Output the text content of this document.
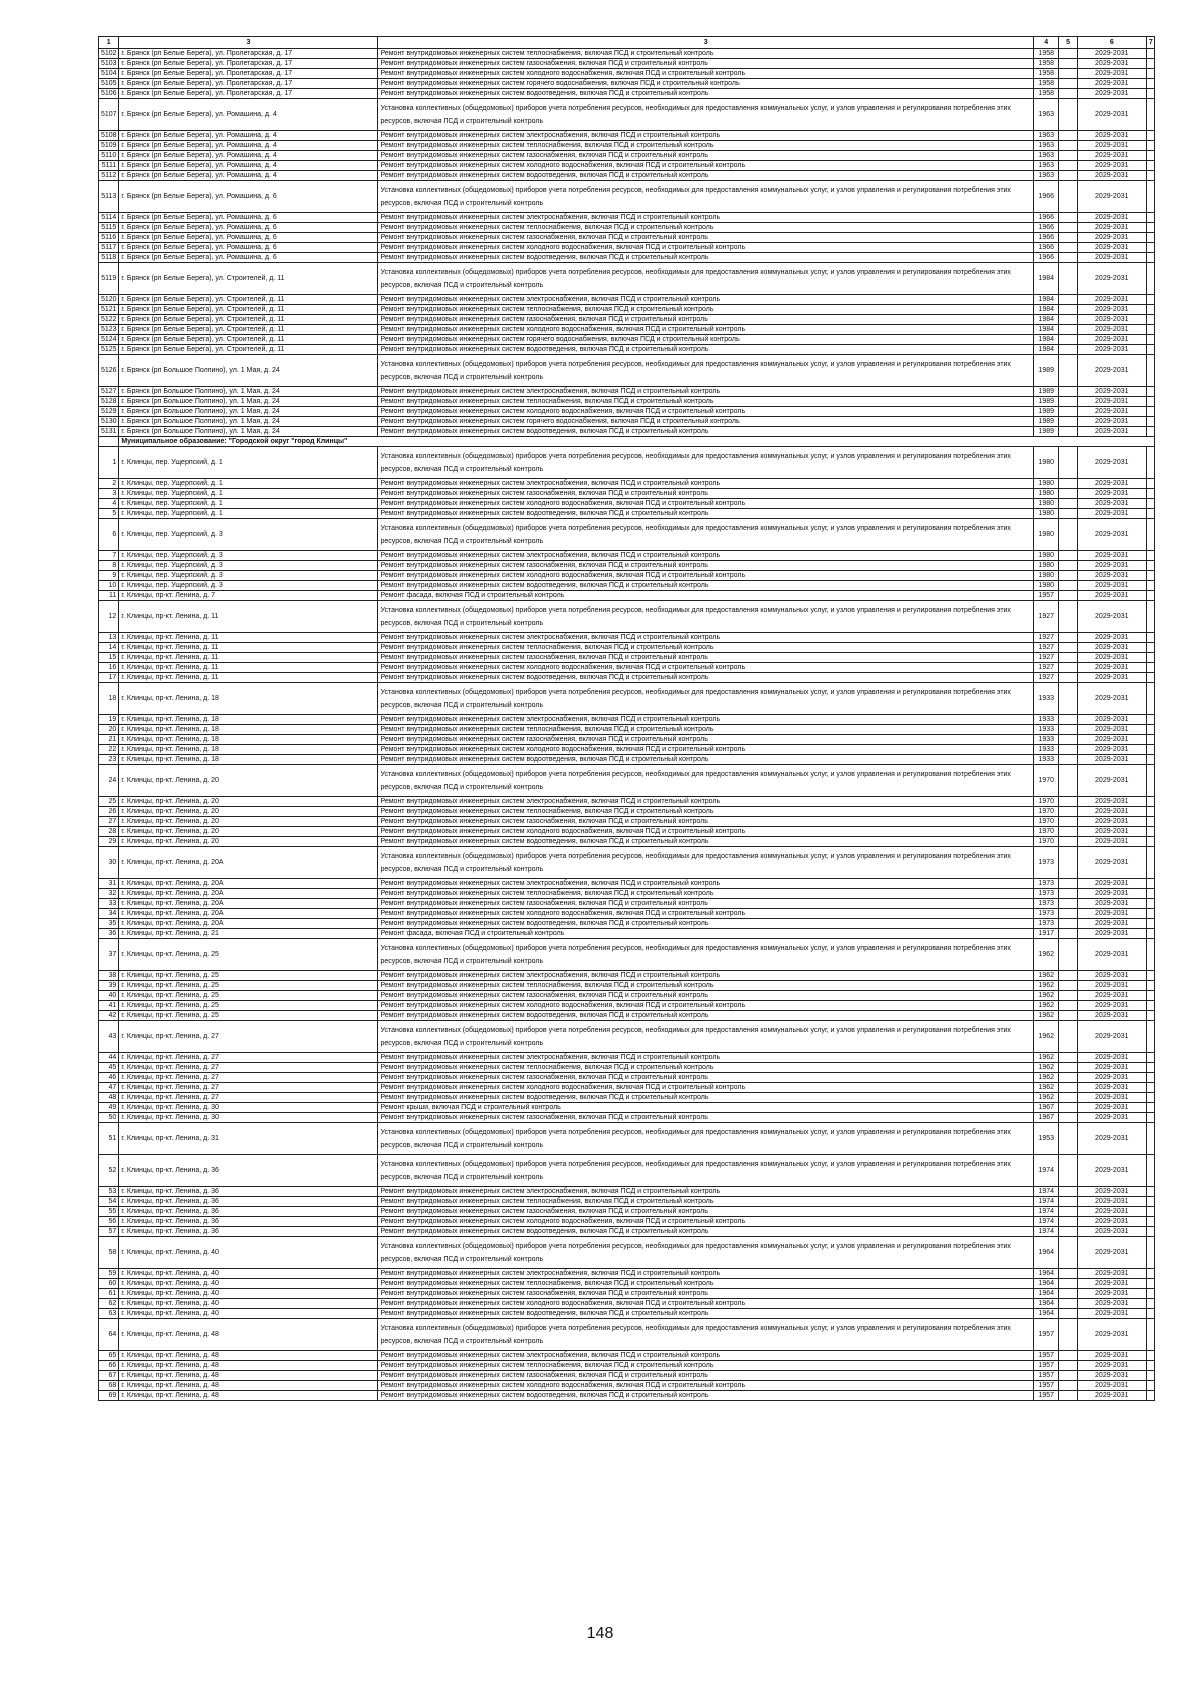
1	3	3	4	5	6	7
5102	г. Брянск (рп Белые Берега), ул. Пролетарская, д. 17	Ремонт внутридомовых инженерных систем теплоснабжения, включая ПСД и строительный контроль	1958		2029-2031	
5103	г. Брянск (рп Белые Берега), ул. Пролетарская, д. 17	Ремонт внутридомовых инженерных систем газоснабжения, включая ПСД и строительный контроль	1958		2029-2031	
5104	г. Брянск (рп Белые Берега), ул. Пролетарская, д. 17	Ремонт внутридомовых инженерных систем холодного водоснабжения, включая ПСД и строительный контроль	1958		2029-2031	
5105	г. Брянск (рп Белые Берега), ул. Пролетарская, д. 17	Ремонт внутридомовых инженерных систем горячего водоснабжения, включая ПСД и строительный контроль	1958		2029-2031	
5106	г. Брянск (рп Белые Берега), ул. Пролетарская, д. 17	Ремонт внутридомовых инженерных систем водоотведения, включая ПСД и строительный контроль	1958		2029-2031	
5107	г. Брянск (рп Белые Берега), ул. Ромашина, д. 4	Установка коллективных (общедомовых) приборов учета потребления ресурсов, необходимых для предоставления коммунальных услуг, и узлов управления и регулирования потребления этих ресурсов, включая ПСД и строительный контроль	1963		2029-2031	
5108	г. Брянск (рп Белые Берега), ул. Ромашина, д. 4	Ремонт внутридомовых инженерных систем электроснабжения, включая ПСД и строительный контроль	1963		2029-2031	
5109	г. Брянск (рп Белые Берега), ул. Ромашина, д. 4	Ремонт внутридомовых инженерных систем теплоснабжения, включая ПСД и строительный контроль	1963		2029-2031	
5110	г. Брянск (рп Белые Берега), ул. Ромашина, д. 4	Ремонт внутридомовых инженерных систем газоснабжения, включая ПСД и строительный контроль	1963		2029-2031	
5111	г. Брянск (рп Белые Берега), ул. Ромашина, д. 4	Ремонт внутридомовых инженерных систем холодного водоснабжения, включая ПСД и строительный контроль	1963		2029-2031	
5112	г. Брянск (рп Белые Берега), ул. Ромашина, д. 4	Ремонт внутридомовых инженерных систем водоотведения, включая ПСД и строительный контроль	1963		2029-2031	
5113	г. Брянск (рп Белые Берега), ул. Ромашина, д. 6	Установка коллективных (общедомовых) приборов учета потребления ресурсов, необходимых для предоставления коммунальных услуг, и узлов управления и регулирования потребления этих ресурсов, включая ПСД и строительный контроль	1966		2029-2031	
5114	г. Брянск (рп Белые Берега), ул. Ромашина, д. 6	Ремонт внутридомовых инженерных систем электроснабжения, включая ПСД и строительный контроль	1966		2029-2031	
5115	г. Брянск (рп Белые Берега), ул. Ромашина, д. 6	Ремонт внутридомовых инженерных систем теплоснабжения, включая ПСД и строительный контроль	1966		2029-2031	
5116	г. Брянск (рп Белые Берега), ул. Ромашина, д. 6	Ремонт внутридомовых инженерных систем газоснабжения, включая ПСД и строительный контроль	1966		2029-2031	
5117	г. Брянск (рп Белые Берега), ул. Ромашина, д. 6	Ремонт внутридомовых инженерных систем холодного водоснабжения, включая ПСД и строительный контроль	1966		2029-2031	
5118	г. Брянск (рп Белые Берега), ул. Ромашина, д. 6	Ремонт внутридомовых инженерных систем водоотведения, включая ПСД и строительный контроль	1966		2029-2031	
5119	г. Брянск (рп Белые Берега), ул. Строителей, д. 11	Установка коллективных (общедомовых) приборов учета потребления ресурсов, необходимых для предоставления коммунальных услуг, и узлов управления и регулирования потребления этих ресурсов, включая ПСД и строительный контроль	1984		2029-2031	
5120	г. Брянск (рп Белые Берега), ул. Строителей, д. 11	Ремонт внутридомовых инженерных систем электроснабжения, включая ПСД и строительный контроль	1984		2029-2031	
5121	г. Брянск (рп Белые Берега), ул. Строителей, д. 11	Ремонт внутридомовых инженерных систем теплоснабжения, включая ПСД и строительный контроль	1984		2029-2031	
5122	г. Брянск (рп Белые Берега), ул. Строителей, д. 11	Ремонт внутридомовых инженерных систем газоснабжения, включая ПСД и строительный контроль	1984		2029-2031	
5123	г. Брянск (рп Белые Берега), ул. Строителей, д. 11	Ремонт внутридомовых инженерных систем холодного водоснабжения, включая ПСД и строительный контроль	1984		2029-2031	
5124	г. Брянск (рп Белые Берега), ул. Строителей, д. 11	Ремонт внутридомовых инженерных систем горячего водоснабжения, включая ПСД и строительный контроль	1984		2029-2031	
5125	г. Брянск (рп Белые Берега), ул. Строителей, д. 11	Ремонт внутридомовых инженерных систем водоотведения, включая ПСД и строительный контроль	1984		2029-2031	
5126	г. Брянск (рп Большое Полпино), ул. 1 Мая, д. 24	Установка коллективных (общедомовых) приборов учета потребления ресурсов, необходимых для предоставления коммунальных услуг, и узлов управления и регулирования потребления этих ресурсов, включая ПСД и строительный контроль	1989		2029-2031	
5127	г. Брянск (рп Большое Полпино), ул. 1 Мая, д. 24	Ремонт внутридомовых инженерных систем электроснабжения, включая ПСД и строительный контроль	1989		2029-2031	
5128	г. Брянск (рп Большое Полпино), ул. 1 Мая, д. 24	Ремонт внутридомовых инженерных систем теплоснабжения, включая ПСД и строительный контроль	1989		2029-2031	
5129	г. Брянск (рп Большое Полпино), ул. 1 Мая, д. 24	Ремонт внутридомовых инженерных систем холодного водоснабжения, включая ПСД и строительный контроль	1989		2029-2031	
5130	г. Брянск (рп Большое Полпино), ул. 1 Мая, д. 24	Ремонт внутридомовых инженерных систем горячего водоснабжения, включая ПСД и строительный контроль	1989		2029-2031	
5131	г. Брянск (рп Большое Полпино), ул. 1 Мая, д. 24	Ремонт внутридомовых инженерных систем водоотведения, включая ПСД и строительный контроль	1989		2029-2031	
	Муниципальное образование: "Городской округ "город Клинцы"					
1	г. Клинцы, пер. Ущерпский, д. 1	Установка коллективных (общедомовых) приборов учета потребления ресурсов, необходимых для предоставления коммунальных услуг, и узлов управления и регулирования потребления этих ресурсов, включая ПСД и строительный контроль	1980		2029-2031	
2	г. Клинцы, пер. Ущерпский, д. 1	Ремонт внутридомовых инженерных систем электроснабжения, включая ПСД и строительный контроль	1980		2029-2031	
3	г. Клинцы, пер. Ущерпский, д. 1	Ремонт внутридомовых инженерных систем газоснабжения, включая ПСД и строительный контроль	1980		2029-2031	
4	г. Клинцы, пер. Ущерпский, д. 1	Ремонт внутридомовых инженерных систем холодного водоснабжения, включая ПСД и строительный контроль	1980		2029-2031	
5	г. Клинцы, пер. Ущерпский, д. 1	Ремонт внутридомовых инженерных систем водоотведения, включая ПСД и строительный контроль	1980		2029-2031	
6	г. Клинцы, пер. Ущерпский, д. 3	Установка коллективных (общедомовых) приборов учета потребления ресурсов, необходимых для предоставления коммунальных услуг, и узлов управления и регулирования потребления этих ресурсов, включая ПСД и строительный контроль	1980		2029-2031	
7	г. Клинцы, пер. Ущерпский, д. 3	Ремонт внутридомовых инженерных систем электроснабжения, включая ПСД и строительный контроль	1980		2029-2031	
8	г. Клинцы, пер. Ущерпский, д. 3	Ремонт внутридомовых инженерных систем газоснабжения, включая ПСД и строительный контроль	1980		2029-2031	
9	г. Клинцы, пер. Ущерпский, д. 3	Ремонт внутридомовых инженерных систем холодного водоснабжения, включая ПСД и строительный контроль	1980		2029-2031	
10	г. Клинцы, пер. Ущерпский, д. 3	Ремонт внутридомовых инженерных систем водоотведения, включая ПСД и строительный контроль	1980		2029-2031	
11	г. Клинцы, пр-кт. Ленина, д. 7	Ремонт фасада, включая ПСД и строительный контроль	1957		2029-2031	
12	г. Клинцы, пр-кт. Ленина, д. 11	Установка коллективных (общедомовых) приборов учета потребления ресурсов, необходимых для предоставления коммунальных услуг, и узлов управления и регулирования потребления этих ресурсов, включая ПСД и строительный контроль	1927		2029-2031	
13	г. Клинцы, пр-кт. Ленина, д. 11	Ремонт внутридомовых инженерных систем электроснабжения, включая ПСД и строительный контроль	1927		2029-2031	
14	г. Клинцы, пр-кт. Ленина, д. 11	Ремонт внутридомовых инженерных систем теплоснабжения, включая ПСД и строительный контроль	1927		2029-2031	
15	г. Клинцы, пр-кт. Ленина, д. 11	Ремонт внутридомовых инженерных систем газоснабжения, включая ПСД и строительный контроль	1927		2029-2031	
16	г. Клинцы, пр-кт. Ленина, д. 11	Ремонт внутридомовых инженерных систем холодного водоснабжения, включая ПСД и строительный контроль	1927		2029-2031	
17	г. Клинцы, пр-кт. Ленина, д. 11	Ремонт внутридомовых инженерных систем водоотведения, включая ПСД и строительный контроль	1927		2029-2031	
18	г. Клинцы, пр-кт. Ленина, д. 18	Установка коллективных (общедомовых) приборов учета потребления ресурсов, необходимых для предоставления коммунальных услуг, и узлов управления и регулирования потребления этих ресурсов, включая ПСД и строительный контроль	1933		2029-2031	
19	г. Клинцы, пр-кт. Ленина, д. 18	Ремонт внутридомовых инженерных систем электроснабжения, включая ПСД и строительный контроль	1933		2029-2031	
20	г. Клинцы, пр-кт. Ленина, д. 18	Ремонт внутридомовых инженерных систем теплоснабжения, включая ПСД и строительный контроль	1933		2029-2031	
21	г. Клинцы, пр-кт. Ленина, д. 18	Ремонт внутридомовых инженерных систем газоснабжения, включая ПСД и строительный контроль	1933		2029-2031	
22	г. Клинцы, пр-кт. Ленина, д. 18	Ремонт внутридомовых инженерных систем холодного водоснабжения, включая ПСД и строительный контроль	1933		2029-2031	
23	г. Клинцы, пр-кт. Ленина, д. 18	Ремонт внутридомовых инженерных систем водоотведения, включая ПСД и строительный контроль	1933		2029-2031	
24	г. Клинцы, пр-кт. Ленина, д. 20	Установка коллективных (общедомовых) приборов учета потребления ресурсов, необходимых для предоставления коммунальных услуг, и узлов управления и регулирования потребления этих ресурсов, включая ПСД и строительный контроль	1970		2029-2031	
25	г. Клинцы, пр-кт. Ленина, д. 20	Ремонт внутридомовых инженерных систем электроснабжения, включая ПСД и строительный контроль	1970		2029-2031	
26	г. Клинцы, пр-кт. Ленина, д. 20	Ремонт внутридомовых инженерных систем теплоснабжения, включая ПСД и строительный контроль	1970		2029-2031	
27	г. Клинцы, пр-кт. Ленина, д. 20	Ремонт внутридомовых инженерных систем газоснабжения, включая ПСД и строительный контроль	1970		2029-2031	
28	г. Клинцы, пр-кт. Ленина, д. 20	Ремонт внутридомовых инженерных систем холодного водоснабжения, включая ПСД и строительный контроль	1970		2029-2031	
29	г. Клинцы, пр-кт. Ленина, д. 20	Ремонт внутридомовых инженерных систем водоотведения, включая ПСД и строительный контроль	1970		2029-2031	
30	г. Клинцы, пр-кт. Ленина, д. 20А	Установка коллективных (общедомовых) приборов учета потребления ресурсов, необходимых для предоставления коммунальных услуг, и узлов управления и регулирования потребления этих ресурсов, включая ПСД и строительный контроль	1973		2029-2031	
31	г. Клинцы, пр-кт. Ленина, д. 20А	Ремонт внутридомовых инженерных систем электроснабжения, включая ПСД и строительный контроль	1973		2029-2031	
32	г. Клинцы, пр-кт. Ленина, д. 20А	Ремонт внутридомовых инженерных систем теплоснабжения, включая ПСД и строительный контроль	1973		2029-2031	
33	г. Клинцы, пр-кт. Ленина, д. 20А	Ремонт внутридомовых инженерных систем газоснабжения, включая ПСД и строительный контроль	1973		2029-2031	
34	г. Клинцы, пр-кт. Ленина, д. 20А	Ремонт внутридомовых инженерных систем холодного водоснабжения, включая ПСД и строительный контроль	1973		2029-2031	
35	г. Клинцы, пр-кт. Ленина, д. 20А	Ремонт внутридомовых инженерных систем водоотведения, включая ПСД и строительный контроль	1973		2029-2031	
36	г. Клинцы, пр-кт. Ленина, д. 21	Ремонт фасада, включая ПСД и строительный контроль	1917		2029-2031	
37	г. Клинцы, пр-кт. Ленина, д. 25	Установка коллективных (общедомовых) приборов учета потребления ресурсов, необходимых для предоставления коммунальных услуг, и узлов управления и регулирования потребления этих ресурсов, включая ПСД и строительный контроль	1962		2029-2031	
38	г. Клинцы, пр-кт. Ленина, д. 25	Ремонт внутридомовых инженерных систем электроснабжения, включая ПСД и строительный контроль	1962		2029-2031	
39	г. Клинцы, пр-кт. Ленина, д. 25	Ремонт внутридомовых инженерных систем теплоснабжения, включая ПСД и строительный контроль	1962		2029-2031	
40	г. Клинцы, пр-кт. Ленина, д. 25	Ремонт внутридомовых инженерных систем газоснабжения, включая ПСД и строительный контроль	1962		2029-2031	
41	г. Клинцы, пр-кт. Ленина, д. 25	Ремонт внутридомовых инженерных систем холодного водоснабжения, включая ПСД и строительный контроль	1962		2029-2031	
42	г. Клинцы, пр-кт. Ленина, д. 25	Ремонт внутридомовых инженерных систем водоотведения, включая ПСД и строительный контроль	1962		2029-2031	
43	г. Клинцы, пр-кт. Ленина, д. 27	Установка коллективных (общедомовых) приборов учета потребления ресурсов, необходимых для предоставления коммунальных услуг, и узлов управления и регулирования потребления этих ресурсов, включая ПСД и строительный контроль	1962		2029-2031	
44	г. Клинцы, пр-кт. Ленина, д. 27	Ремонт внутридомовых инженерных систем электроснабжения, включая ПСД и строительный контроль	1962		2029-2031	
45	г. Клинцы, пр-кт. Ленина, д. 27	Ремонт внутридомовых инженерных систем теплоснабжения, включая ПСД и строительный контроль	1962		2029-2031	
46	г. Клинцы, пр-кт. Ленина, д. 27	Ремонт внутридомовых инженерных систем газоснабжения, включая ПСД и строительный контроль	1962		2029-2031	
47	г. Клинцы, пр-кт. Ленина, д. 27	Ремонт внутридомовых инженерных систем холодного водоснабжения, включая ПСД и строительный контроль	1962		2029-2031	
48	г. Клинцы, пр-кт. Ленина, д. 27	Ремонт внутридомовых инженерных систем водоотведения, включая ПСД и строительный контроль	1962		2029-2031	
49	г. Клинцы, пр-кт. Ленина, д. 30	Ремонт крыши, включая ПСД и строительный контроль	1967		2029-2031	
50	г. Клинцы, пр-кт. Ленина, д. 30	Ремонт внутридомовых инженерных систем газоснабжения, включая ПСД и строительный контроль	1967		2029-2031	
51	г. Клинцы, пр-кт. Ленина, д. 31	Установка коллективных (общедомовых) приборов учета потребления ресурсов, необходимых для предоставления коммунальных услуг, и узлов управления и регулирования потребления этих ресурсов, включая ПСД и строительный контроль	1953		2029-2031	
52	г. Клинцы, пр-кт. Ленина, д. 36	Установка коллективных (общедомовых) приборов учета потребления ресурсов, необходимых для предоставления коммунальных услуг, и узлов управления и регулирования потребления этих ресурсов, включая ПСД и строительный контроль	1974		2029-2031	
53	г. Клинцы, пр-кт. Ленина, д. 36	Ремонт внутридомовых инженерных систем электроснабжения, включая ПСД и строительный контроль	1974		2029-2031	
54	г. Клинцы, пр-кт. Ленина, д. 36	Ремонт внутридомовых инженерных систем теплоснабжения, включая ПСД и строительный контроль	1974		2029-2031	
55	г. Клинцы, пр-кт. Ленина, д. 36	Ремонт внутридомовых инженерных систем газоснабжения, включая ПСД и строительный контроль	1974		2029-2031	
56	г. Клинцы, пр-кт. Ленина, д. 36	Ремонт внутридомовых инженерных систем холодного водоснабжения, включая ПСД и строительный контроль	1974		2029-2031	
57	г. Клинцы, пр-кт. Ленина, д. 36	Ремонт внутридомовых инженерных систем водоотведения, включая ПСД и строительный контроль	1974		2029-2031	
58	г. Клинцы, пр-кт. Ленина, д. 40	Установка коллективных (общедомовых) приборов учета потребления ресурсов, необходимых для предоставления коммунальных услуг, и узлов управления и регулирования потребления этих ресурсов, включая ПСД и строительный контроль	1964		2029-2031	
59	г. Клинцы, пр-кт. Ленина, д. 40	Ремонт внутридомовых инженерных систем электроснабжения, включая ПСД и строительный контроль	1964		2029-2031	
60	г. Клинцы, пр-кт. Ленина, д. 40	Ремонт внутридомовых инженерных систем теплоснабжения, включая ПСД и строительный контроль	1964		2029-2031	
61	г. Клинцы, пр-кт. Ленина, д. 40	Ремонт внутридомовых инженерных систем газоснабжения, включая ПСД и строительный контроль	1964		2029-2031	
62	г. Клинцы, пр-кт. Ленина, д. 40	Ремонт внутридомовых инженерных систем холодного водоснабжения, включая ПСД и строительный контроль	1964		2029-2031	
63	г. Клинцы, пр-кт. Ленина, д. 40	Ремонт внутридомовых инженерных систем водоотведения, включая ПСД и строительный контроль	1964		2029-2031	
64	г. Клинцы, пр-кт. Ленина, д. 48	Установка коллективных (общедомовых) приборов учета потребления ресурсов, необходимых для предоставления коммунальных услуг, и узлов управления и регулирования потребления этих ресурсов, включая ПСД и строительный контроль	1957		2029-2031	
65	г. Клинцы, пр-кт. Ленина, д. 48	Ремонт внутридомовых инженерных систем электроснабжения, включая ПСД и строительный контроль	1957		2029-2031	
66	г. Клинцы, пр-кт. Ленина, д. 48	Ремонт внутридомовых инженерных систем теплоснабжения, включая ПСД и строительный контроль	1957		2029-2031	
67	г. Клинцы, пр-кт. Ленина, д. 48	Ремонт внутридомовых инженерных систем газоснабжения, включая ПСД и строительный контроль	1957		2029-2031	
68	г. Клинцы, пр-кт. Ленина, д. 48	Ремонт внутридомовых инженерных систем холодного водоснабжения, включая ПСД и строительный контроль	1957		2029-2031	
69	г. Клинцы, пр-кт. Ленина, д. 48	Ремонт внутридомовых инженерных систем водоотведения, включая ПСД и строительный контроль	1957		2029-2031	
148
